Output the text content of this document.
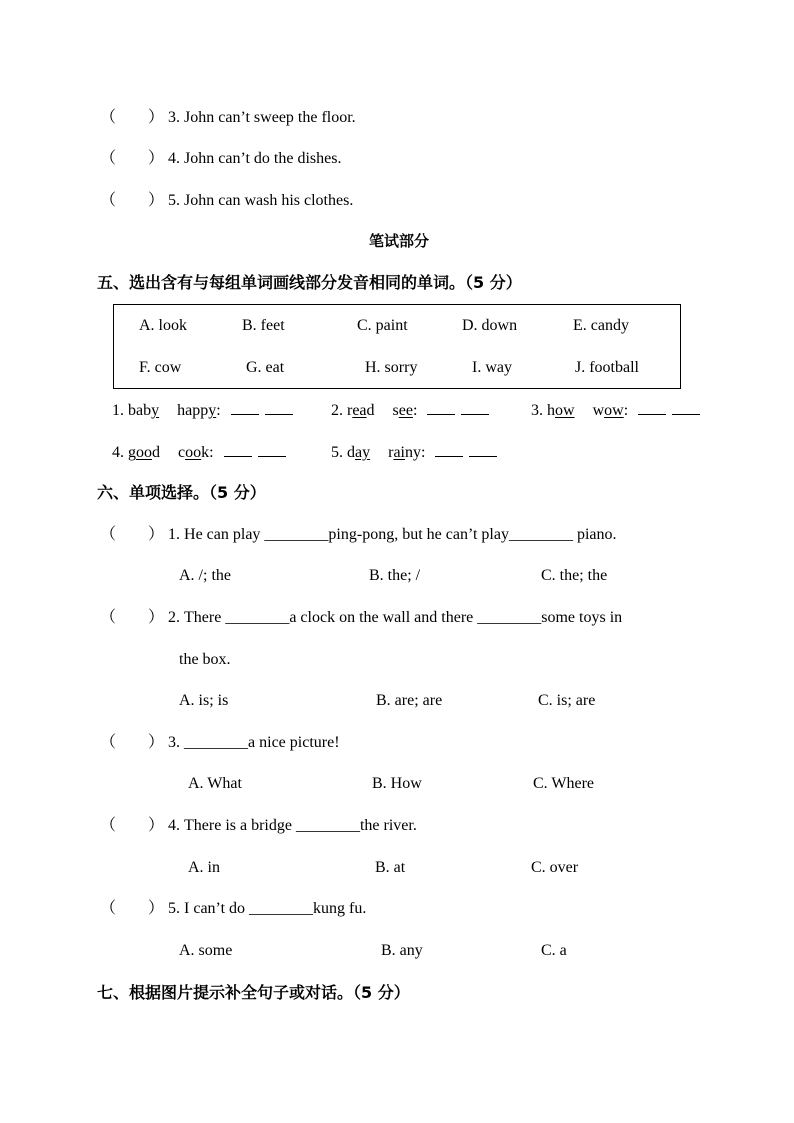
（　　） 3. John can’t sweep the floor.
（　　） 4. John can’t do the dishes.
（　　） 5. John can wash his clothes.
笔试部分
五、选出含有与每组单词画线部分发音相同的单词。（5 分）
A. look	B. feet	C. paint	D. down	E. candy
F. cow	G. eat	H. sorry	I. way	J. football
1. baby happy:	2. read see:	3. how wow:
4. good cook:	5. day rainy:
六、单项选择。（5 分）
（　　） 1. He can play ________ping-pong, but he can’t play________ piano.
A. /; the	B. the; /	C. the; the
（　　） 2. There ________a clock on the wall and there ________some toys in
the box.
A. is; is	B. are; are	C. is; are
（　　） 3. ________a nice picture!
A. What	B. How	C. Where
（　　） 4. There is a bridge ________the river.
A. in	B. at	C. over
（　　） 5. I can’t do ________kung fu.
A. some	B. any	C. a
七、根据图片提示补全句子或对话。（5 分）
